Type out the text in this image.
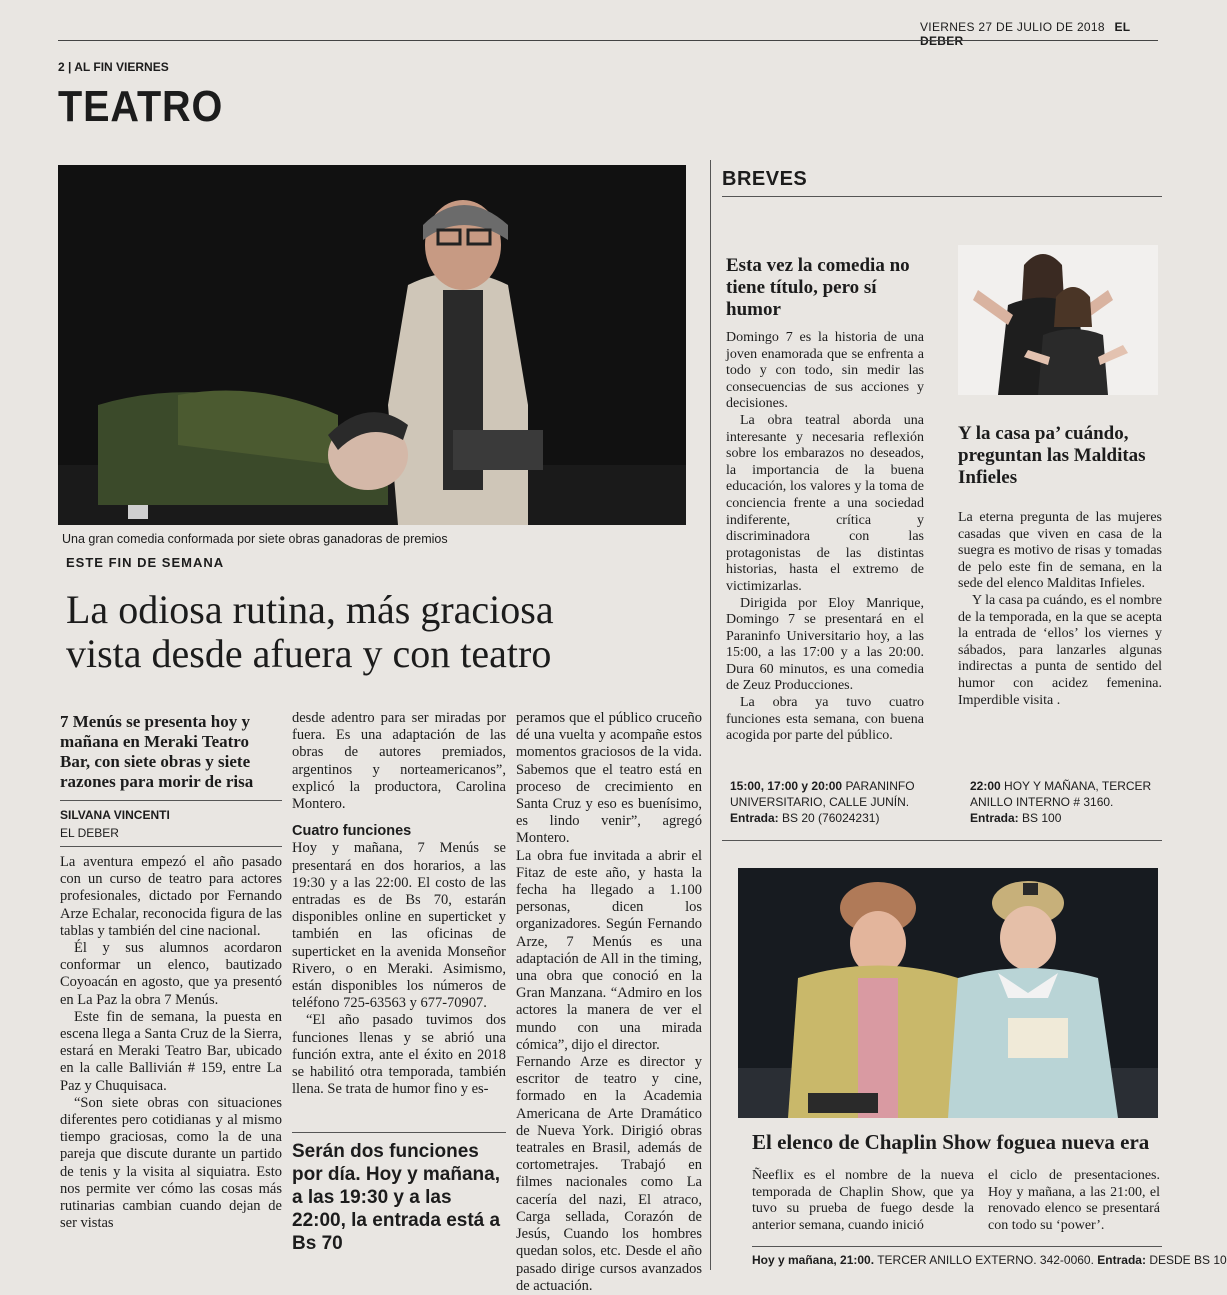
VIERNES 27 DE JULIO DE 2018 EL DEBER
2 | AL FIN VIERNES
TEATRO
Una gran comedia conformada por siete obras ganadoras de premios
ESTE FIN DE SEMANA
La odiosa rutina, más graciosa
vista desde afuera y con teatro
7 Menús se presenta hoy y mañana en Meraki Teatro Bar, con siete obras y siete razones para morir de risa
SILVANA VINCENTI
EL DEBER

La aventura empezó el año pasado con un curso de teatro para actores profesionales, dictado por Fernando Arze Echalar, reconocida figura de las tablas y también del cine nacional.

Él y sus alumnos acordaron conformar un elenco, bautizado Coyoacán en agosto, que ya presentó en La Paz la obra 7 Menús.

Este fin de semana, la puesta en escena llega a Santa Cruz de la Sierra, estará en Meraki Teatro Bar, ubicado en la calle Ballivián # 159, entre La Paz y Chuquisaca.

“Son siete obras con situaciones diferentes pero cotidianas y al mismo tiempo graciosas, como la de una pareja que discute durante un partido de tenis y la visita al siquiatra. Esto nos permite ver cómo las cosas más rutinarias cambian cuando dejan de ser vistas

desde adentro para ser miradas por fuera. Es una adaptación de las obras de autores premiados, argentinos y norteamericanos”, explicó la productora, Carolina Montero.

Cuatro funciones

Hoy y mañana, 7 Menús se presentará en dos horarios, a las 19:30 y a las 22:00. El costo de las entradas es de Bs 70, estarán disponibles online en superticket y también en las oficinas de superticket en la avenida Monseñor Rivero, o en Meraki. Asimismo, están disponibles los números de teléfono 725-63563 y 677-70907.

“El año pasado tuvimos dos funciones llenas y se abrió una función extra, ante el éxito en 2018 se habilitó otra temporada, también llena. Se trata de humor fino y es-

Serán dos funciones por día. Hoy y mañana, a las 19:30 y a las 22:00, la entrada está a Bs 70

peramos que el público cruceño dé una vuelta y acompañe estos momentos graciosos de la vida. Sabemos que el teatro está en proceso de crecimiento en Santa Cruz y eso es buenísimo, es lindo venir”, agregó Montero.

La obra fue invitada a abrir el Fitaz de este año, y hasta la fecha ha llegado a 1.100 personas, dicen los organizadores. Según Fernando Arze, 7 Menús es una adaptación de All in the timing, una obra que conoció en la Gran Manzana. “Admiro en los actores la manera de ver el mundo con una mirada cómica”, dijo el director.

Fernando Arze es director y escritor de teatro y cine, formado en la Academia Americana de Arte Dramático de Nueva York. Dirigió obras teatrales en Brasil, además de cortometrajes. Trabajó en filmes nacionales como La cacería del nazi, El atraco, Carga sellada, Corazón de Jesús, Cuando los hombres quedan solos, etc. Desde el año pasado dirige cursos avanzados de actuación.

BREVES
Esta vez la comedia no tiene título, pero sí humor

Domingo 7 es la historia de una joven enamorada que se enfrenta a todo y con todo, sin medir las consecuencias de sus acciones y decisiones.

La obra teatral aborda una interesante y necesaria reflexión sobre los embarazos no deseados, la importancia de la buena educación, los valores y la toma de conciencia frente a una sociedad indiferente, crítica y discriminadora con las protagonistas de las distintas historias, hasta el extremo de victimizarlas.

Dirigida por Eloy Manrique, Domingo 7 se presentará en el Paraninfo Universitario hoy, a las 15:00, a las 17:00 y a las 20:00. Dura 60 minutos, es una comedia de Zeuz Producciones.

La obra ya tuvo cuatro funciones esta semana, con buena acogida por parte del público.

15:00, 17:00 y 20:00 PARANINFO UNIVERSITARIO, CALLE JUNÍN.
Entrada: BS 20 (76024231)
Y la casa pa’ cuándo, preguntan las Malditas Infieles

La eterna pregunta de las mujeres casadas que viven en casa de la suegra es motivo de risas y tomadas de pelo este fin de semana, en la sede del elenco Malditas Infieles.

Y la casa pa cuándo, es el nombre de la temporada, en la que se acepta la entrada de ‘ellos’ los viernes y sábados, para lanzarles algunas indirectas a punta de sentido del humor con acidez femenina. Imperdible visita .

22:00 HOY Y MAÑANA, TERCER ANILLO INTERNO # 3160.
Entrada: BS 100
El elenco de Chaplin Show foguea nueva era
Ñeeflix es el nombre de la nueva temporada de Chaplin Show, que ya tuvo su prueba de fuego desde la anterior semana, cuando inició
el ciclo de presentaciones. Hoy y mañana, a las 21:00, el renovado elenco se presentará con todo su ‘power’.
Hoy y mañana, 21:00. TERCER ANILLO EXTERNO. 342-0060. Entrada: DESDE BS 10
